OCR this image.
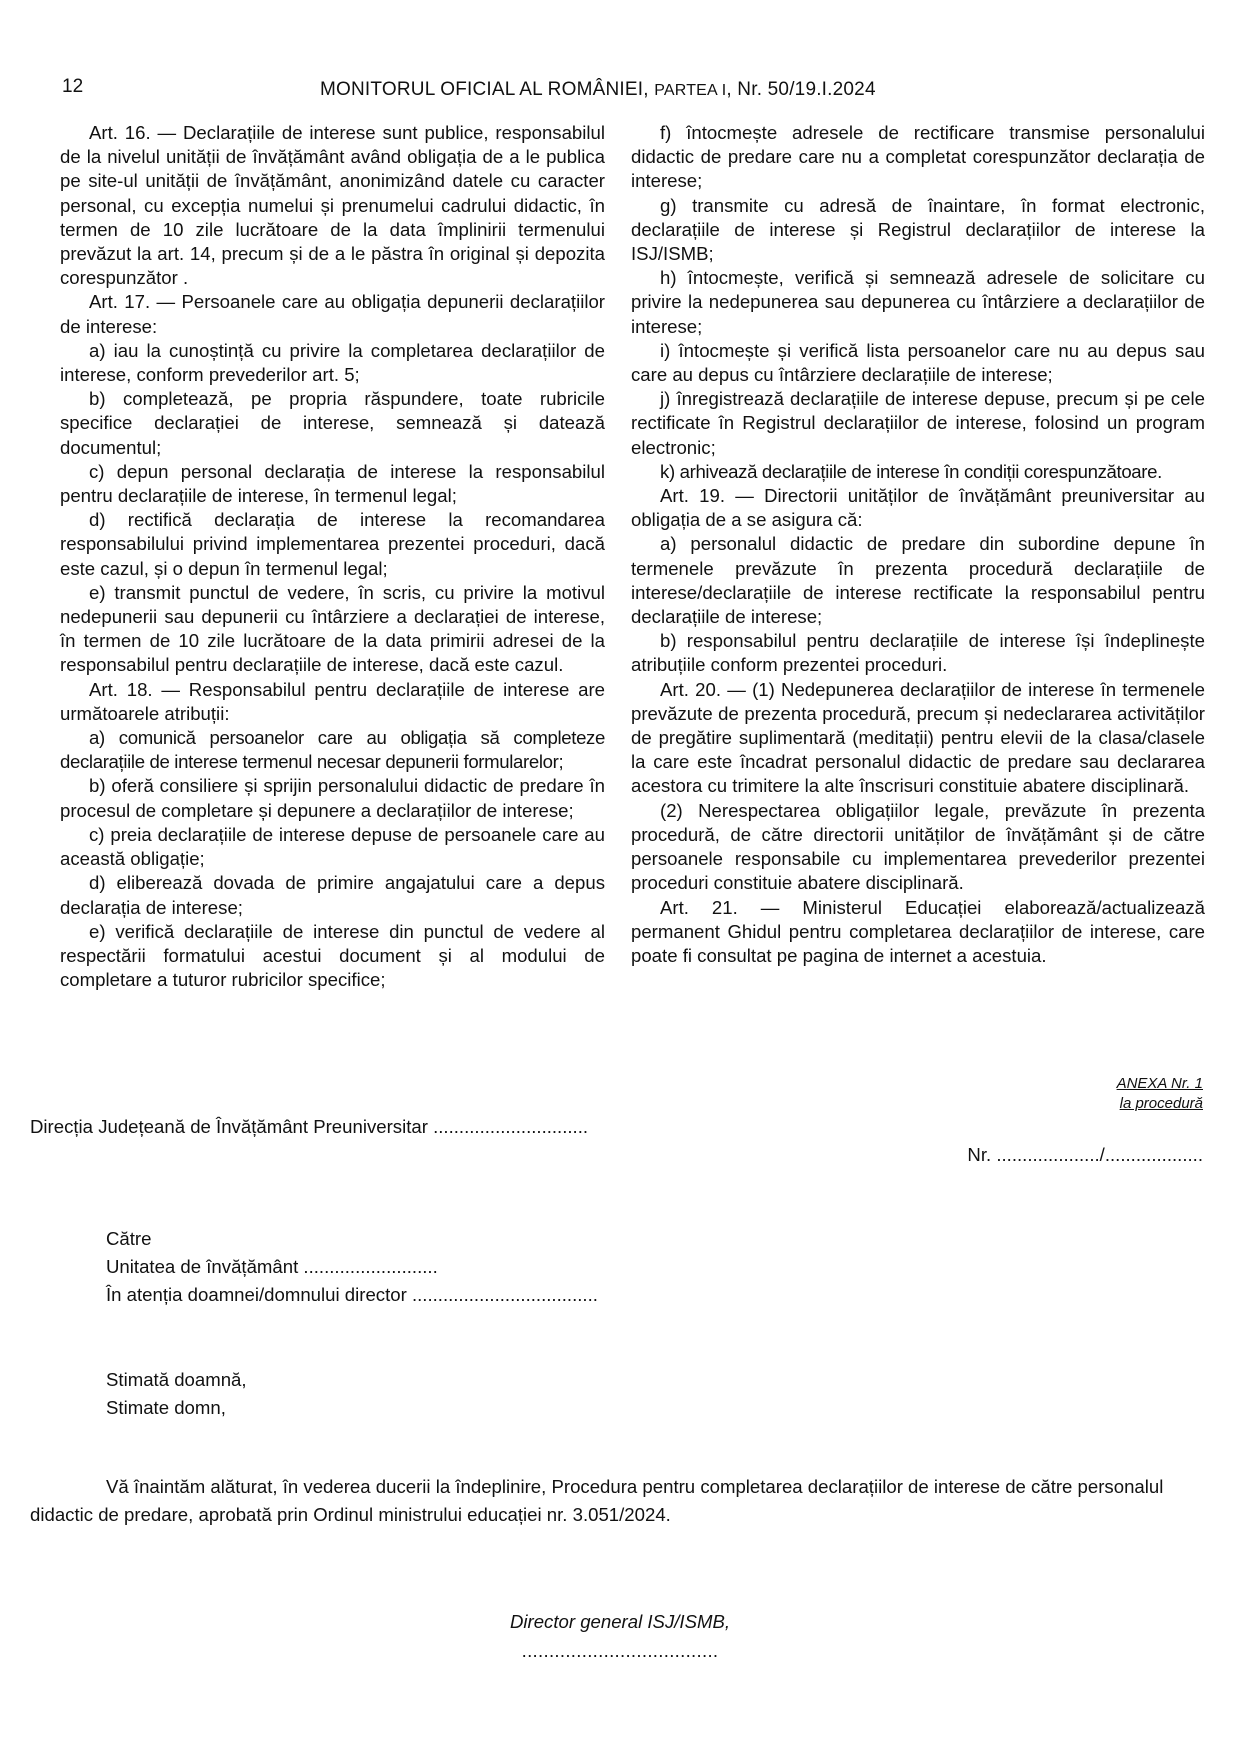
12	MONITORUL OFICIAL AL ROMÂNIEI, PARTEA I, Nr. 50/19.I.2024

Art. 16. — Declarațiile de interese sunt publice, responsabilul de la nivelul unității de învățământ având obligația de a le publica pe site-ul unității de învățământ, anonimizând datele cu caracter personal, cu excepția numelui și prenumelui cadrului didactic, în termen de 10 zile lucrătoare de la data împlinirii termenului prevăzut la art. 14, precum și de a le păstra în original și depozita corespunzător .

Art. 17. — Persoanele care au obligația depunerii declarațiilor de interese:

a) iau la cunoștință cu privire la completarea declarațiilor de interese, conform prevederilor art. 5;

b) completează, pe propria răspundere, toate rubricile specifice declarației de interese, semnează și datează documentul;

c) depun personal declarația de interese la responsabilul pentru declarațiile de interese, în termenul legal;

d) rectifică declarația de interese la recomandarea responsabilului privind implementarea prezentei proceduri, dacă este cazul, și o depun în termenul legal;

e) transmit punctul de vedere, în scris, cu privire la motivul nedepunerii sau depunerii cu întârziere a declarației de interese, în termen de 10 zile lucrătoare de la data primirii adresei de la responsabilul pentru declarațiile de interese, dacă este cazul.

Art. 18. — Responsabilul pentru declarațiile de interese are următoarele atribuții:

a) comunică persoanelor care au obligația să completeze declarațiile de interese termenul necesar depunerii formularelor;

b) oferă consiliere și sprijin personalului didactic de predare în procesul de completare și depunere a declarațiilor de interese;

c) preia declarațiile de interese depuse de persoanele care au această obligație;

d) eliberează dovada de primire angajatului care a depus declarația de interese;

e) verifică declarațiile de interese din punctul de vedere al respectării formatului acestui document și al modului de completare a tuturor rubricilor specifice;

f) întocmește adresele de rectificare transmise personalului didactic de predare care nu a completat corespunzător declarația de interese;

g) transmite cu adresă de înaintare, în format electronic, declarațiile de interese și Registrul declarațiilor de interese la ISJ/ISMB;

h) întocmește, verifică și semnează adresele de solicitare cu privire la nedepunerea sau depunerea cu întârziere a declarațiilor de interese;

i) întocmește și verifică lista persoanelor care nu au depus sau care au depus cu întârziere declarațiile de interese;

j) înregistrează declarațiile de interese depuse, precum și pe cele rectificate în Registrul declarațiilor de interese, folosind un program electronic;

k) arhivează declarațiile de interese în condiții corespunzătoare.

Art. 19. — Directorii unităților de învățământ preuniversitar au obligația de a se asigura că:

a) personalul didactic de predare din subordine depune în termenele prevăzute în prezenta procedură declarațiile de interese/declarațiile de interese rectificate la responsabilul pentru declarațiile de interese;

b) responsabilul pentru declarațiile de interese își îndeplinește atribuțiile conform prezentei proceduri.

Art. 20. — (1) Nedepunerea declarațiilor de interese în termenele prevăzute de prezenta procedură, precum și nedeclararea activităților de pregătire suplimentară (meditații) pentru elevii de la clasa/clasele la care este încadrat personalul didactic de predare sau declararea acestora cu trimitere la alte înscrisuri constituie abatere disciplinară.

(2) Nerespectarea obligațiilor legale, prevăzute în prezenta procedură, de către directorii unităților de învățământ și de către persoanele responsabile cu implementarea prevederilor prezentei proceduri constituie abatere disciplinară.

Art. 21. — Ministerul Educației elaborează/actualizează permanent Ghidul pentru completarea declarațiilor de interese, care poate fi consultat pe pagina de internet a acestuia.

ANEXA Nr. 1
la procedură
Direcția Județeană de Învățământ Preuniversitar ..............................
Nr. ..................../...................
Către
Unitatea de învățământ ..........................
În atenția doamnei/domnului director ....................................
Stimată doamnă,
Stimate domn,
Vă înaintăm alăturat, în vederea ducerii la îndeplinire, Procedura pentru completarea declarațiilor de interese de către personalul didactic de predare, aprobată prin Ordinul ministrului educației nr. 3.051/2024.
Director general ISJ/ISMB,
....................................
